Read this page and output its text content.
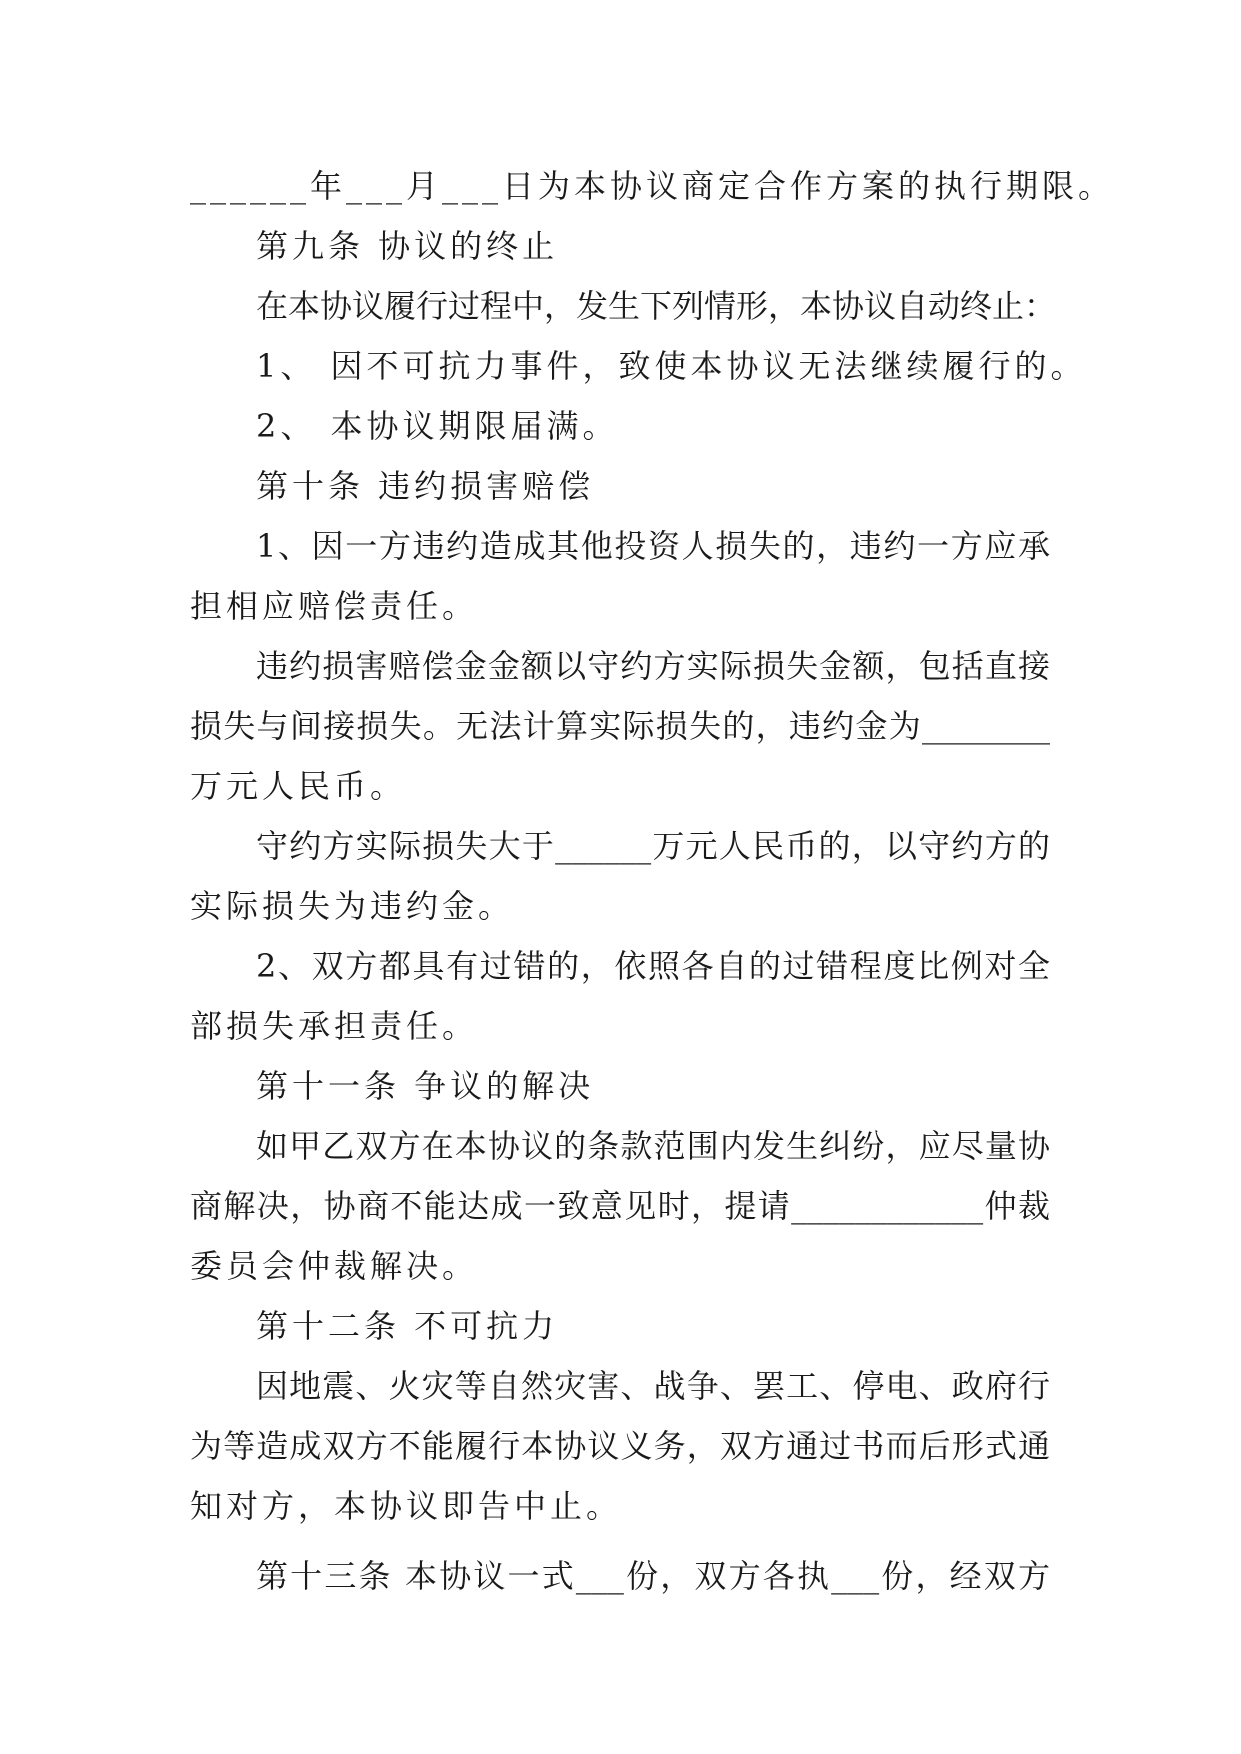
______年___月___日为本协议商定合作方案的执行期限。
第九条 协议的终止
在本协议履行过程中，发生下列情形，本协议自动终止：
1、 因不可抗力事件，致使本协议无法继续履行的。
2、 本协议期限届满。
第十条 违约损害赔偿
1、因一方违约造成其他投资人损失的，违约一方应承
担相应赔偿责任。
违约损害赔偿金金额以守约方实际损失金额，包括直接
损失与间接损失。无法计算实际损失的，违约金为________
万元人民币。
守约方实际损失大于______万元人民币的，以守约方的
实际损失为违约金。
2、双方都具有过错的，依照各自的过错程度比例对全
部损失承担责任。
第十一条 争议的解决
如甲乙双方在本协议的条款范围内发生纠纷，应尽量协
商解决，协商不能达成一致意见时，提请____________仲裁
委员会仲裁解决。
第十二条 不可抗力
因地震、火灾等自然灾害、战争、罢工、停电、政府行
为等造成双方不能履行本协议义务，双方通过书而后形式通
知对方，本协议即告中止。
第十三条 本协议一式___份，双方各执___份，经双方
